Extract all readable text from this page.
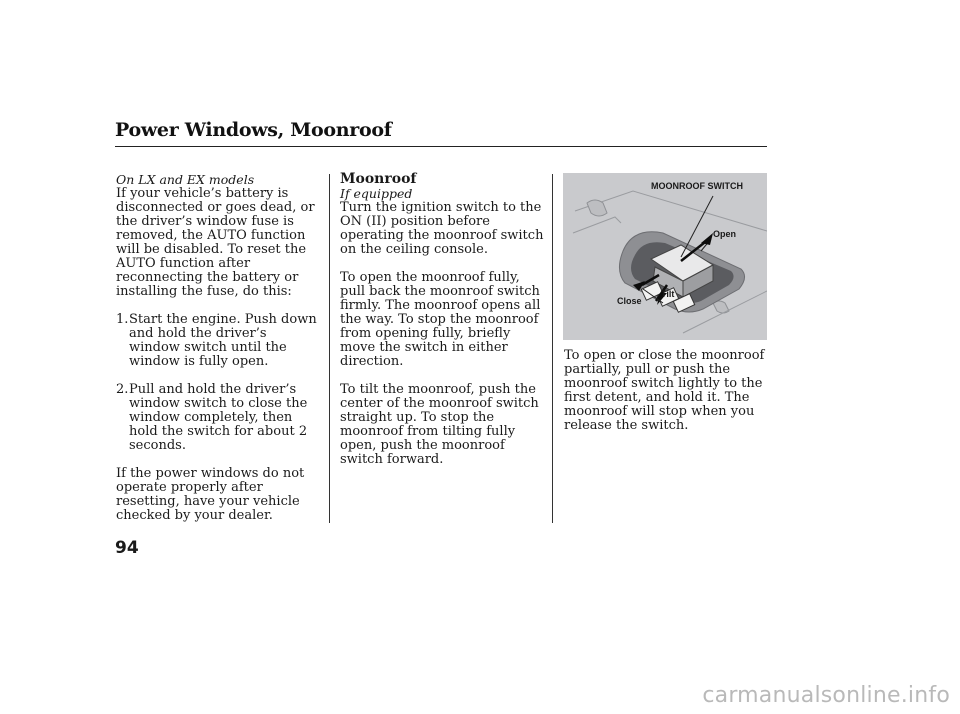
Power Windows, Moonroof

On LX and EX models

If your vehicle’s battery is disconnected or goes dead, or the driver’s window fuse is removed, the AUTO function will be disabled. To reset the AUTO function after reconnecting the battery or installing the fuse, do this:

1. Start the engine. Push down and hold the driver’s window switch until the window is fully open.
2. Pull and hold the driver’s window switch to close the window completely, then hold the switch for about 2 seconds.

If the power windows do not operate properly after resetting, have your vehicle checked by your dealer.

Moonroof

If equipped

Turn the ignition switch to the ON (II) position before operating the moonroof switch on the ceiling console.

To open the moonroof fully, pull back the moonroof switch firmly. The moonroof opens all the way. To stop the moonroof from opening fully, briefly move the switch in either direction.

To tilt the moonroof, push the center of the moonroof switch straight up. To stop the moonroof from tilting fully open, push the moonroof switch forward.

MOONROOF SWITCH
Open
Tilt
Close

To open or close the moonroof partially, pull or push the moonroof switch lightly to the first detent, and hold it. The moonroof will stop when you release the switch.

94
carmanualsonline.info
